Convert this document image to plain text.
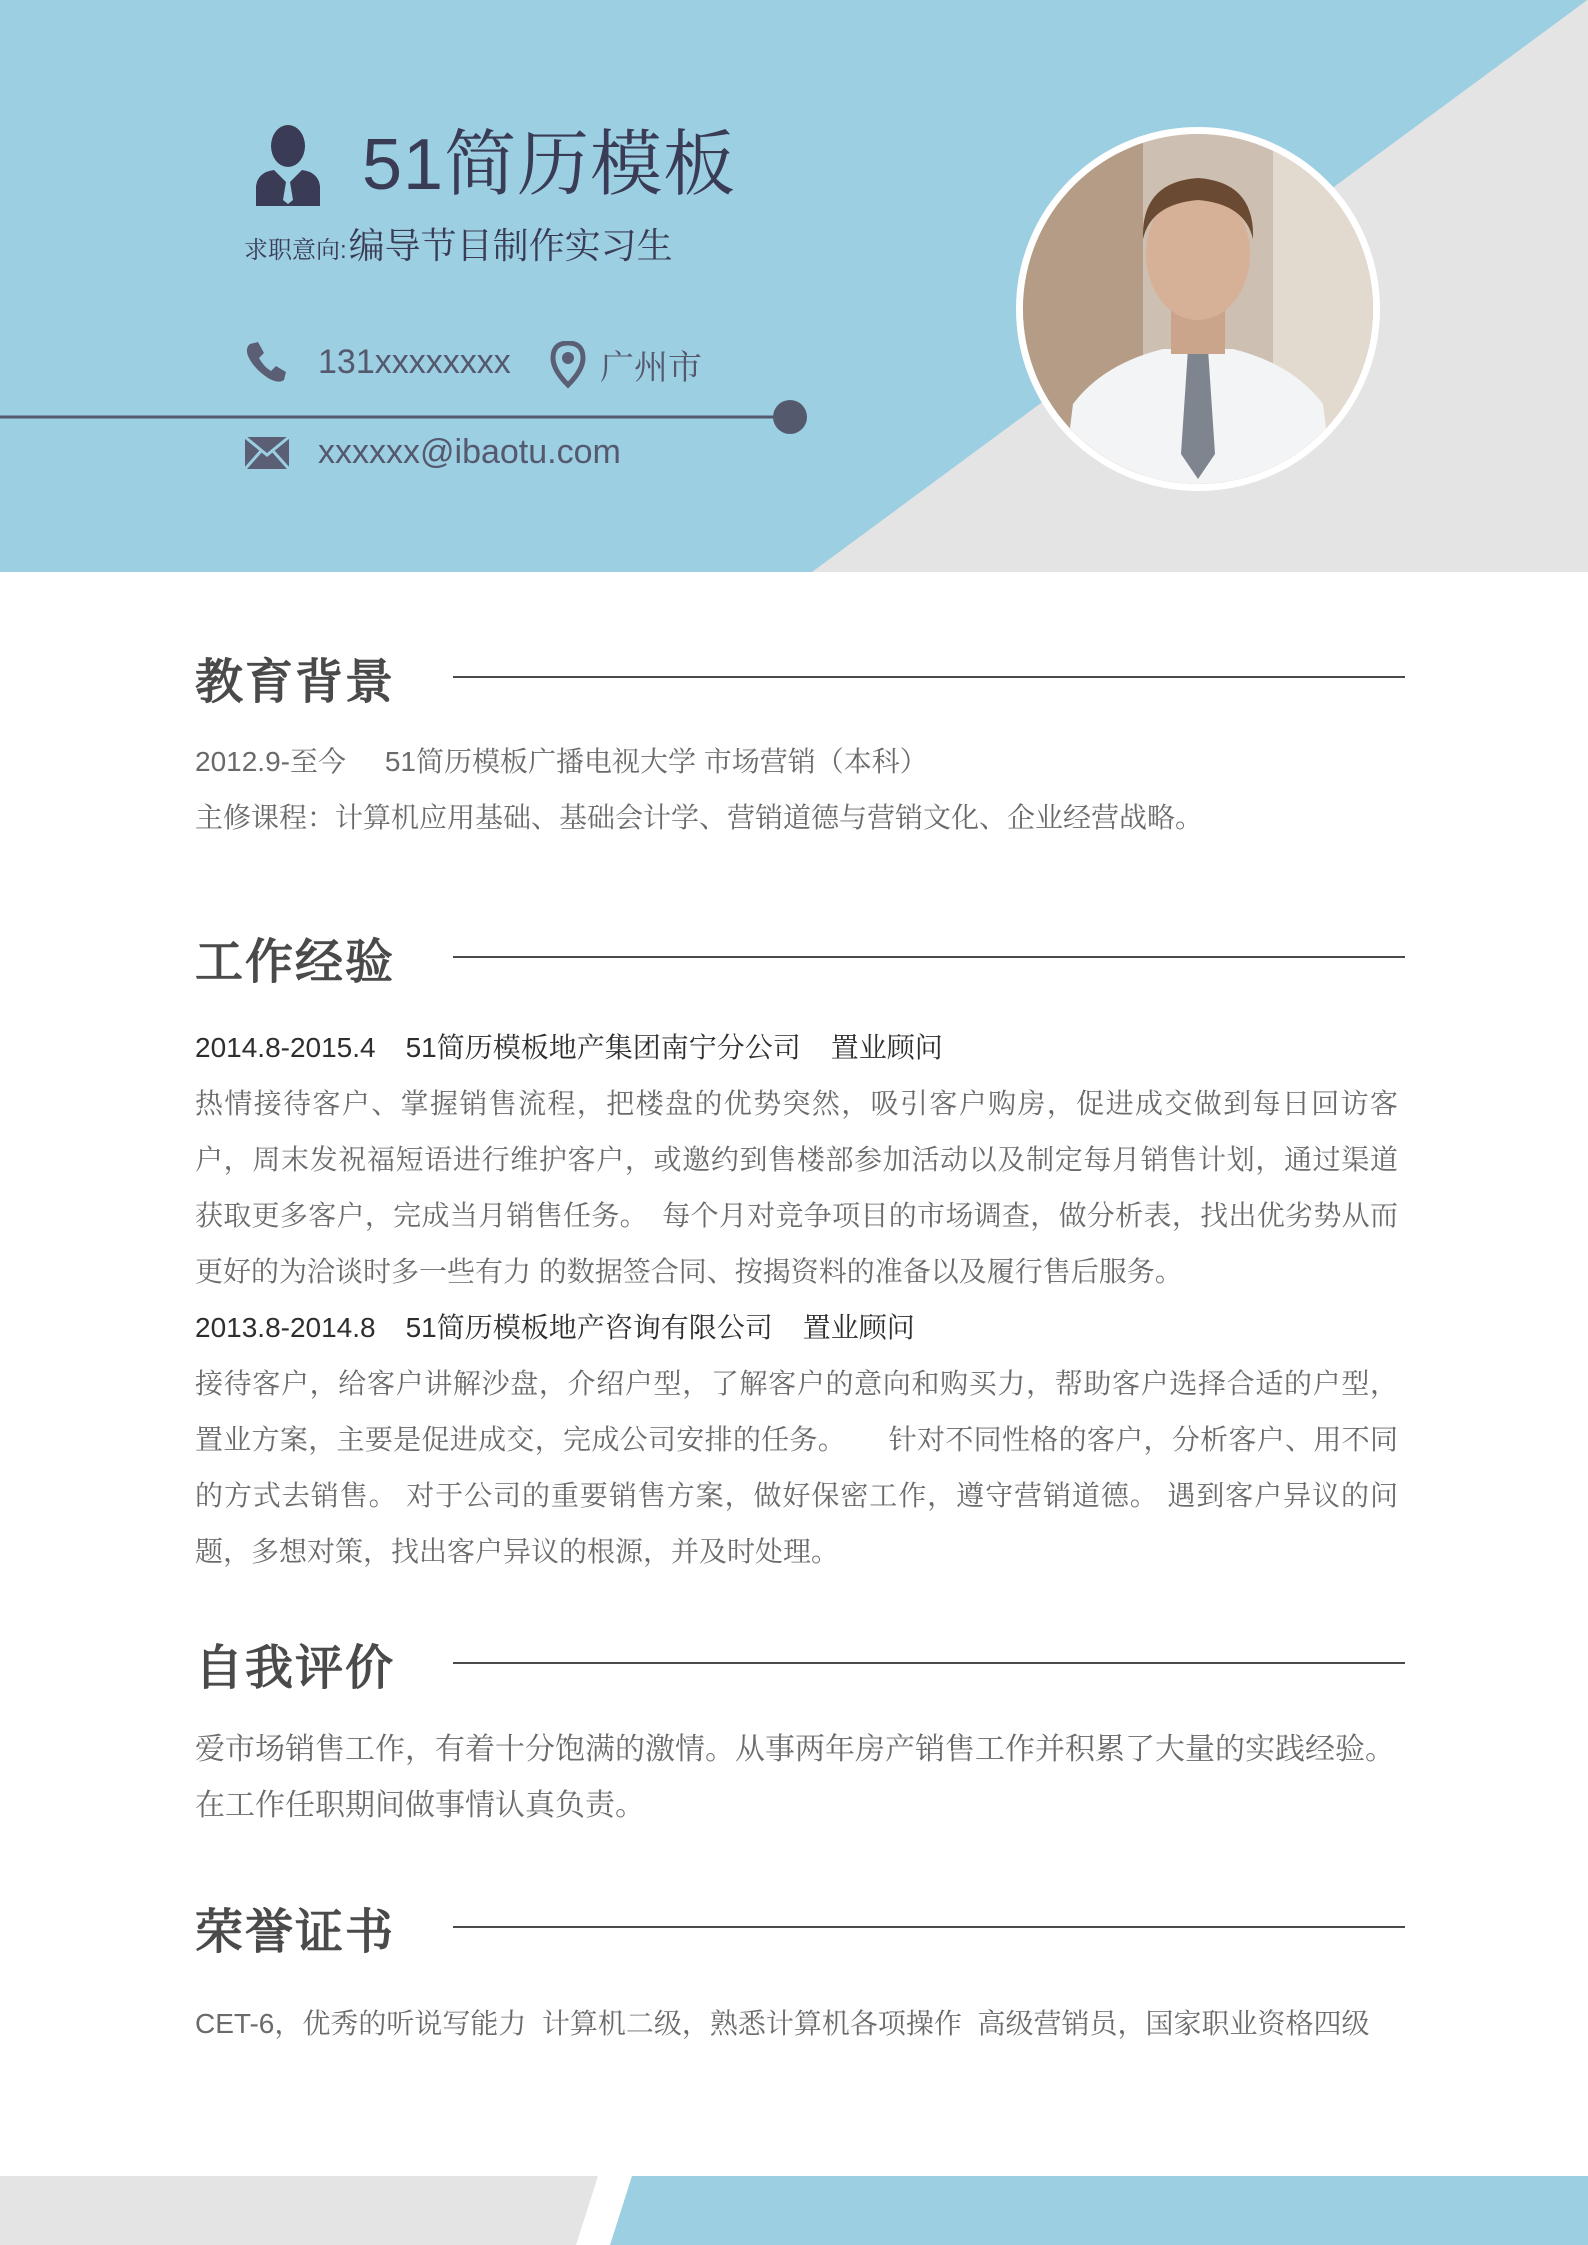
51简历模板
求职意向: 编导节目制作实习生
131xxxxxxxx	广州市
xxxxxx@ibaotu.com
教育背景
2012.9-至今     51简历模板广播电视大学 市场营销（本科）
主修课程：计算机应用基础、基础会计学、营销道德与营销文化、企业经营战略。
工作经验
2014.8-2015.4 51简历模板地产集团南宁分公司 置业顾问
热情接待客户、掌握销售流程，把楼盘的优势突然，吸引客户购房，促进成交做到每日回访客户，周末发祝福短语进行维护客户，或邀约到售楼部参加活动以及制定每月销售计划，通过渠道获取更多客户，完成当月销售任务。　每个月对竞争项目的市场调查，做分析表，找出优劣势从而更好的为洽谈时多一些有力 的数据签合同、按揭资料的准备以及履行售后服务。
2013.8-2014.8 51简历模板地产咨询有限公司 置业顾问
接待客户，给客户讲解沙盘，介绍户型，了解客户的意向和购买力，帮助客户选择合适的户型，置业方案，主要是促进成交，完成公司安排的任务。　　针对不同性格的客户，分析客户、用不同的方式去销售。 对于公司的重要销售方案，做好保密工作，遵守营销道德。 遇到客户异议的问题，多想对策，找出客户异议的根源，并及时处理。
自我评价
爱市场销售工作，有着十分饱满的激情。从事两年房产销售工作并积累了大量的实践经验。
在工作任职期间做事情认真负责。
荣誉证书
CET-6，优秀的听说写能力  计算机二级，熟悉计算机各项操作  高级营销员，国家职业资格四级
